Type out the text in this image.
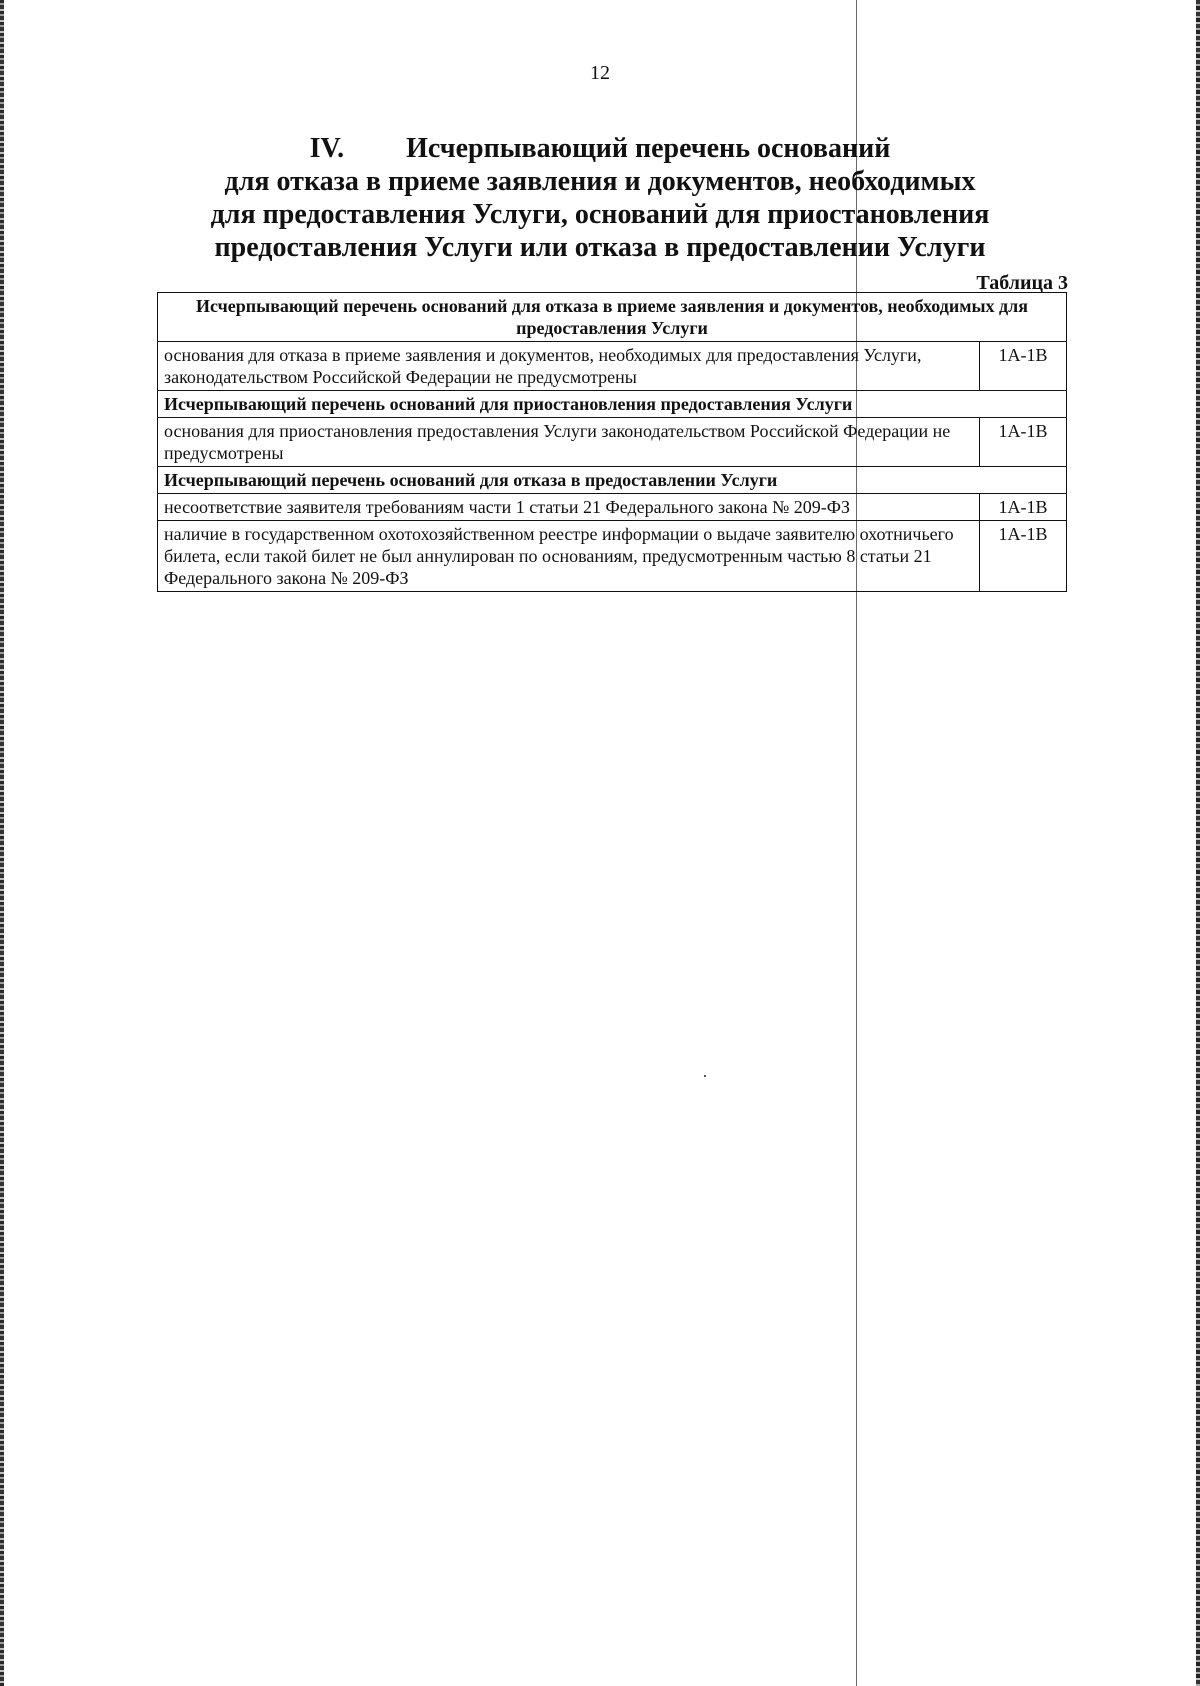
12
IV. Исчерпывающий перечень оснований
для отказа в приеме заявления и документов, необходимых
для предоставления Услуги, оснований для приостановления
предоставления Услуги или отказа в предоставлении Услуги
Таблица 3
Исчерпывающий перечень оснований для отказа в приеме заявления и документов, необходимых для предоставления Услуги	
основания для отказа в приеме заявления и документов, необходимых для предоставления Услуги, законодательством Российской Федерации не предусмотрены	1А-1В
Исчерпывающий перечень оснований для приостановления предоставления Услуги	
основания для приостановления предоставления Услуги законодательством Российской Федерации не предусмотрены	1А-1В
Исчерпывающий перечень оснований для отказа в предоставлении Услуги	
несоответствие заявителя требованиям части 1 статьи 21 Федерального закона № 209-ФЗ	1А-1В
наличие в государственном охотохозяйственном реестре информации о выдаче заявителю охотничьего билета, если такой билет не был аннулирован по основаниям, предусмотренным частью 8 статьи 21 Федерального закона № 209-ФЗ	1А-1В
